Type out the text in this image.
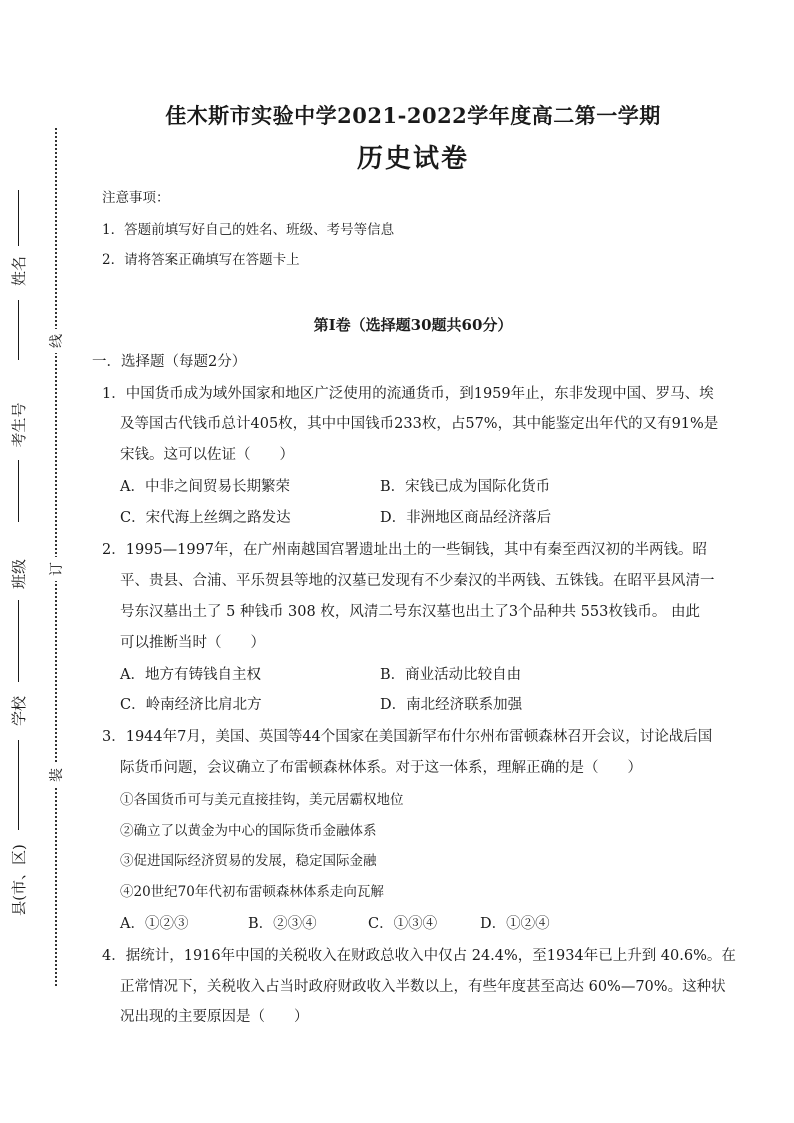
姓名
考生号
班级
学校
县(市、区)
线
订
装
佳木斯市实验中学2021-2022学年度高二第一学期
历史试卷
注意事项：
1．答题前填写好自己的姓名、班级、考号等信息
2．请将答案正确填写在答题卡上
第I卷（选择题30题共60分）
一．选择题（每题2分）
1．中国货币成为域外国家和地区广泛使用的流通货币，到1959年止，东非发现中国、罗马、埃
及等国古代钱币总计405枚，其中中国钱币233枚，占57%，其中能鉴定出年代的又有91%是
宋钱。这可以佐证（　　）
A．中非之间贸易长期繁荣	B．宋钱已成为国际化货币
C．宋代海上丝绸之路发达	D．非洲地区商品经济落后
2．1995—1997年，在广州南越国宫署遗址出土的一些铜钱，其中有秦至西汉初的半两钱。昭
平、贵县、合浦、平乐贺县等地的汉墓已发现有不少秦汉的半两钱、五铢钱。在昭平县风清一
号东汉墓出土了 5 种钱币 308 枚，风清二号东汉墓也出土了3个品种共 553枚钱币。 由此
可以推断当时（　　）
A．地方有铸钱自主权	B．商业活动比较自由
C．岭南经济比肩北方	D．南北经济联系加强
3．1944年7月，美国、英国等44个国家在美国新罕布什尔州布雷顿森林召开会议，讨论战后国
际货币问题，会议确立了布雷顿森林体系。对于这一体系，理解正确的是（　　）
①各国货币可与美元直接挂钩，美元居霸权地位
②确立了以黄金为中心的国际货币金融体系
③促进国际经济贸易的发展，稳定国际金融
④20世纪70年代初布雷顿森林体系走向瓦解
A．①②③	B．②③④	C．①③④	D．①②④
4．据统计，1916年中国的关税收入在财政总收入中仅占 24.4%，至1934年已上升到 40.6%。在
正常情况下，关税收入占当时政府财政收入半数以上，有些年度甚至高达 60%—70%。这种状
况出现的主要原因是（　　）
